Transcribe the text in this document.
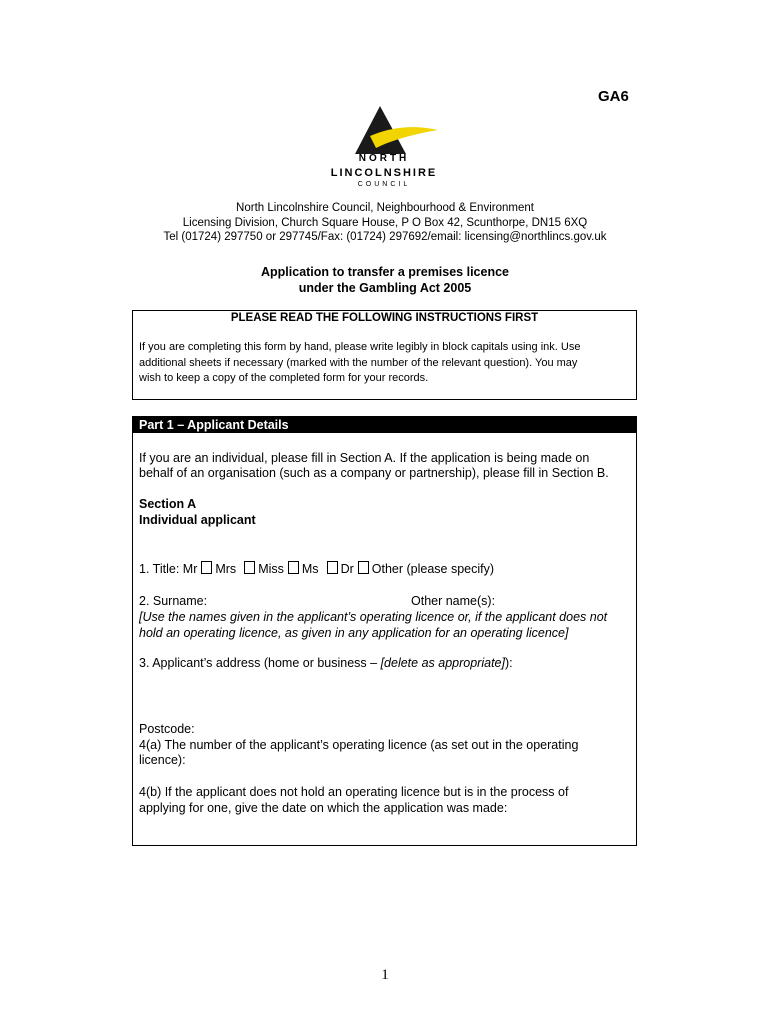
GA6
NORTH
LINCOLNSHIRE
COUNCIL
North Lincolnshire Council, Neighbourhood & Environment
Licensing Division, Church Square House, P O Box 42, Scunthorpe, DN15 6XQ
Tel (01724) 297750 or 297745/Fax: (01724) 297692/email: licensing@northlincs.gov.uk
Application to transfer a premises licence
under the Gambling Act 2005
PLEASE READ THE FOLLOWING INSTRUCTIONS FIRST
If you are completing this form by hand, please write legibly in block capitals using ink. Use
additional sheets if necessary (marked with the number of the relevant question). You may
wish to keep a copy of the completed form for your records.
Part 1 – Applicant Details
If you are an individual, please fill in Section A. If the application is being made on
behalf of an organisation (such as a company or partnership), please fill in Section B.
Section A
Individual applicant
1. Title: Mr Mrs Miss Ms Dr Other (please specify)
2. Surname:	Other name(s):
[Use the names given in the applicant’s operating licence or, if the applicant does not
hold an operating licence, as given in any application for an operating licence]
3. Applicant’s address (home or business – [delete as appropriate]):
Postcode:
4(a) The number of the applicant’s operating licence (as set out in the operating
licence):
4(b) If the applicant does not hold an operating licence but is in the process of
applying for one, give the date on which the application was made:
1
